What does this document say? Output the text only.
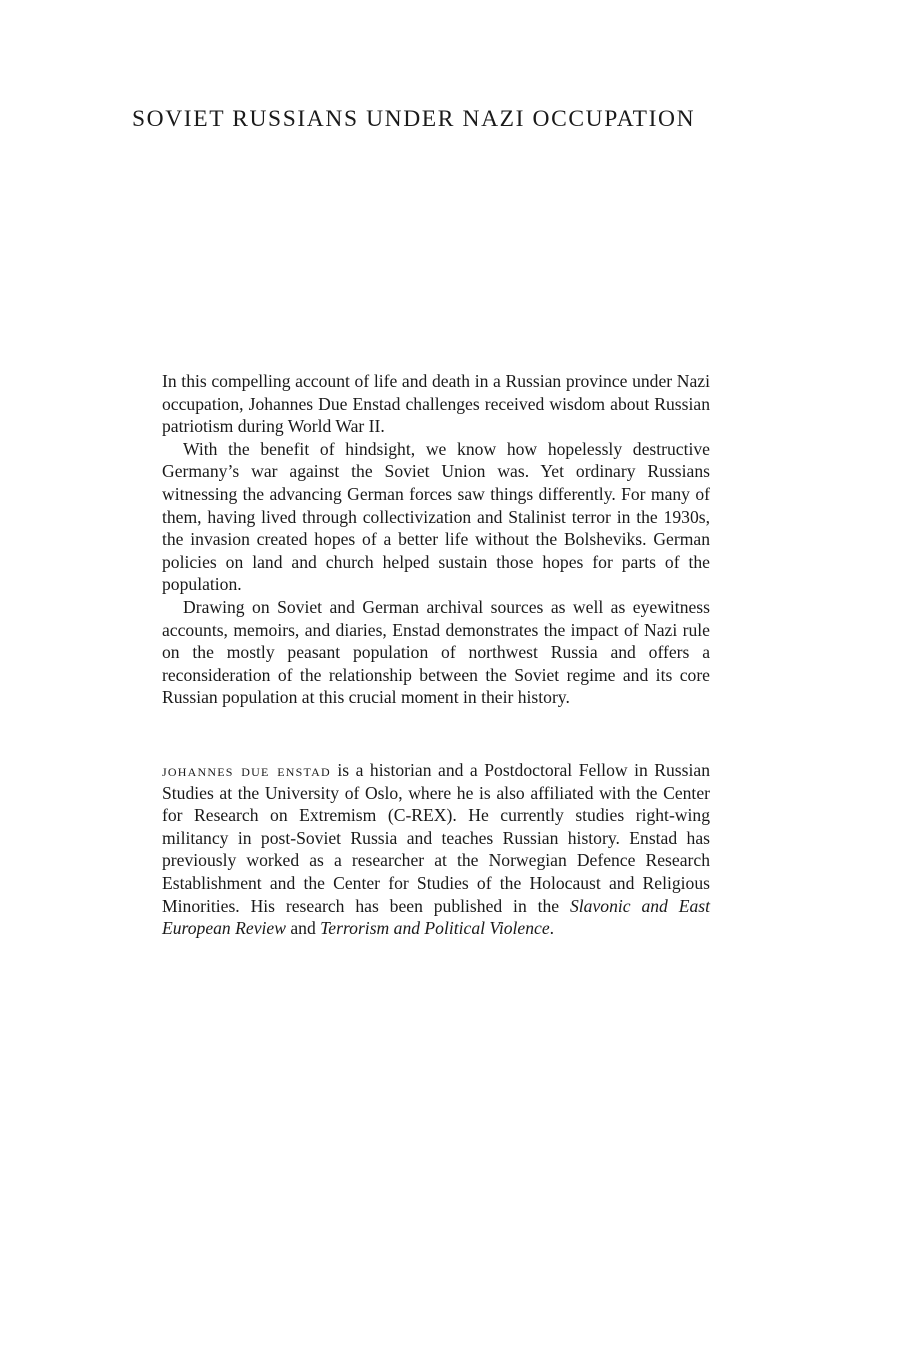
SOVIET RUSSIANS UNDER NAZI OCCUPATION

In this compelling account of life and death in a Russian province under Nazi occupation, Johannes Due Enstad challenges received wisdom about Russian patriotism during World War II.

With the benefit of hindsight, we know how hopelessly destructive Germany’s war against the Soviet Union was. Yet ordinary Russians witnessing the advancing German forces saw things differently. For many of them, having lived through collectivization and Stalinist terror in the 1930s, the invasion created hopes of a better life without the Bolsheviks. German policies on land and church helped sustain those hopes for parts of the population.

Drawing on Soviet and German archival sources as well as eyewitness accounts, memoirs, and diaries, Enstad demonstrates the impact of Nazi rule on the mostly peasant population of northwest Russia and offers a reconsideration of the relationship between the Soviet regime and its core Russian population at this crucial moment in their history.

johannes due enstad is a historian and a Postdoctoral Fellow in Russian Studies at the University of Oslo, where he is also affiliated with the Center for Research on Extremism (C-REX). He currently studies right-wing militancy in post-Soviet Russia and teaches Russian history. Enstad has previously worked as a researcher at the Norwegian Defence Research Establishment and the Center for Studies of the Holocaust and Religious Minorities. His research has been published in the Slavonic and East European Review and Terrorism and Political Violence.
